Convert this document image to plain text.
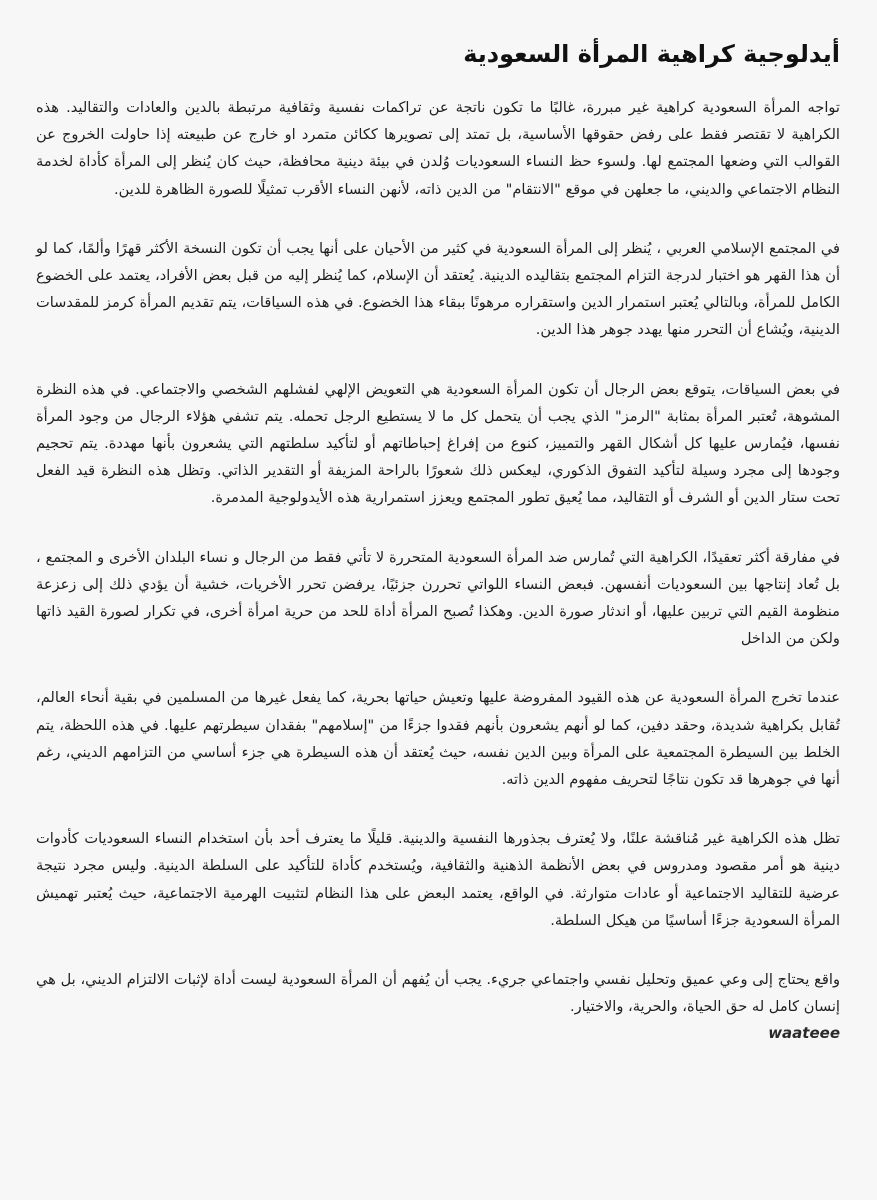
أيدلوجية كراهية المرأة السعودية

تواجه المرأة السعودية كراهية غير مبررة، غالبًا ما تكون ناتجة عن تراكمات نفسية وثقافية مرتبطة بالدين والعادات والتقاليد. هذه الكراهية لا تقتصر فقط على رفض حقوقها الأساسية، بل تمتد إلى تصويرها ككائن متمرد او خارج عن طبيعته إذا حاولت الخروج عن القوالب التي وضعها المجتمع لها. ولسوء حظ النساء السعوديات وُلدن في بيئة دينية محافظة، حيث كان يُنظر إلى المرأة كأداة لخدمة النظام الاجتماعي والديني، ما جعلهن في موقع "الانتقام" من الدين ذاته، لأنهن النساء الأقرب تمثيلًا للصورة الظاهرة للدين.

في المجتمع الإسلامي العربي ، يُنظر إلى المرأة السعودية في كثير من الأحيان على أنها يجب أن تكون النسخة الأكثر قهرًا وألمًا، كما لو أن هذا القهر هو اختبار لدرجة التزام المجتمع بتقاليده الدينية. يُعتقد أن الإسلام، كما يُنظر إليه من قبل بعض الأفراد، يعتمد على الخضوع الكامل للمرأة، وبالتالي يُعتبر استمرار الدين واستقراره مرهونًا ببقاء هذا الخضوع. في هذه السياقات، يتم تقديم المرأة كرمز للمقدسات الدينية، ويُشاع أن التحرر منها يهدد جوهر هذا الدين.

في بعض السياقات، يتوقع بعض الرجال أن تكون المرأة السعودية هي التعويض الإلهي لفشلهم الشخصي والاجتماعي. في هذه النظرة المشوهة، تُعتبر المرأة بمثابة "الرمز" الذي يجب أن يتحمل كل ما لا يستطيع الرجل تحمله. يتم تشفي هؤلاء الرجال من وجود المرأة نفسها، فيُمارس عليها كل أشكال القهر والتمييز، كنوع من إفراغ إحباطاتهم أو لتأكيد سلطتهم التي يشعرون بأنها مهددة. يتم تحجيم وجودها إلى مجرد وسيلة لتأكيد التفوق الذكوري، ليعكس ذلك شعورًا بالراحة المزيفة أو التقدير الذاتي. وتظل هذه النظرة قيد الفعل تحت ستار الدين أو الشرف أو التقاليد، مما يُعيق تطور المجتمع ويعزز استمرارية هذه الأيدولوجية المدمرة.

في مفارقة أكثر تعقيدًا، الكراهية التي تُمارس ضد المرأة السعودية المتحررة لا تأتي فقط من الرجال و نساء البلدان الأخرى و المجتمع ، بل تُعاد إنتاجها بين السعوديات أنفسهن. فبعض النساء اللواتي تحررن جزئيًا، يرفضن تحرر الأخريات، خشية أن يؤدي ذلك إلى زعزعة منظومة القيم التي تربين عليها، أو اندثار صورة الدين. وهكذا تُصبح المرأة أداة للحد من حرية امرأة أخرى، في تكرار لصورة القيد ذاتها ولكن من الداخل

عندما تخرج المرأة السعودية عن هذه القيود المفروضة عليها وتعيش حياتها بحرية، كما يفعل غيرها من المسلمين في بقية أنحاء العالم، تُقابل بكراهية شديدة، وحقد دفين، كما لو أنهم يشعرون بأنهم فقدوا جزءًا من "إسلامهم" بفقدان سيطرتهم عليها. في هذه اللحظة، يتم الخلط بين السيطرة المجتمعية على المرأة وبين الدين نفسه، حيث يُعتقد أن هذه السيطرة هي جزء أساسي من التزامهم الديني، رغم أنها في جوهرها قد تكون نتاجًا لتحريف مفهوم الدين ذاته.

تظل هذه الكراهية غير مُناقشة علنًا، ولا يُعترف بجذورها النفسية والدينية. قليلًا ما يعترف أحد بأن استخدام النساء السعوديات كأدوات دينية هو أمر مقصود ومدروس في بعض الأنظمة الذهنية والثقافية، ويُستخدم كأداة للتأكيد على السلطة الدينية. وليس مجرد نتيجة عرضية للتقاليد الاجتماعية أو عادات متوارثة. في الواقع، يعتمد البعض على هذا النظام لتثبيت الهرمية الاجتماعية، حيث يُعتبر تهميش المرأة السعودية جزءًا أساسيًا من هيكل السلطة.

واقع يحتاج إلى وعي عميق وتحليل نفسي واجتماعي جريء. يجب أن يُفهم أن المرأة السعودية ليست أداة لإثبات الالتزام الديني، بل هي إنسان كامل له حق الحياة، والحرية، والاختيار.

waateee
